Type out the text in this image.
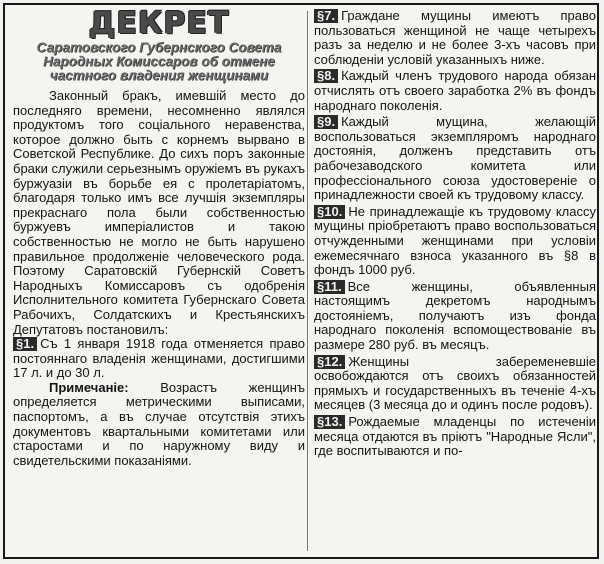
ДЕКРЕТ
Саратовского Губернского Совета Народных Комиссаров об отмене частного владения женщинами

Законный бракъ, имевшій место до последняго времени, несомненно являлся продуктомъ того соціального неравенства, которое должно быть с корнемъ вырвано в Советской Республике. До сихъ поръ законные браки служили серьезнымъ оружіемъ въ рукахъ буржуазіи въ борьбе ея с пролетаріатомъ, благодаря только имъ все лучшія экземпляры прекраснаго пола были собственностью буржуевъ имперіалистов и такою собственностью не могло не быть нарушено правильное продолженіе человеческого рода. Поэтому Саратовскій Губернскій Советъ Народныхъ Комиссаровъ съ одобренія Исполнительного комитета Губернскаго Совета Рабочихъ, Солдатскихъ и Крестьянскихъ Депутатовъ постановилъ:

§1. Съ 1 января 1918 года отменяется право постояннаго владенія женщинами, достигшими 17 л. и до 30 л.

Примечаніе: Возрастъ женщинъ определяется метрическими выписами, паспортомъ, а въ случае отсутствія этихъ документовъ квартальными комитетами или старостами и по наружному виду и свидетельскими показаніями.

§7. Граждане мущины имеютъ право пользоваться женщиной не чаще четырехъ разъ за неделю и не более 3-хъ часовъ при соблюденіи условій указанныхъ ниже.

§8. Каждый членъ трудового народа обязан отчислять отъ своего заработка 2% въ фондъ народнаго поколенія.

§9. Каждый мущина, желающій воспользоваться экземпляромъ народнаго достоянія, долженъ представить отъ рабочезаводского комитета или профессіонального союза удостовереніе о принадлежности своей къ трудовому классу.

§10. Не принадлежащіе къ трудовому классу мущины пріобретаютъ право воспользоваться отчужденными женщинами при условіи ежемесячнаго взноса указанного въ §8 в фондъ 1000 руб.

§11. Все женщины, объявленныя настоящимъ декретомъ народнымъ достояніемъ, получаютъ изъ фонда народнаго поколенія вспомоществованіе въ размере 280 руб. въ месяцъ.

§12. Женщины забеременевшіе освобождаются отъ своихъ обязанностей прямыхъ и государственныхъ въ теченіе 4-хъ месяцев (3 месяца до и одинъ после родовъ).

§13. Рождаемые младенцы по истеченіи месяца отдаются въ пріютъ "Народные Ясли", где воспитываются и по-
